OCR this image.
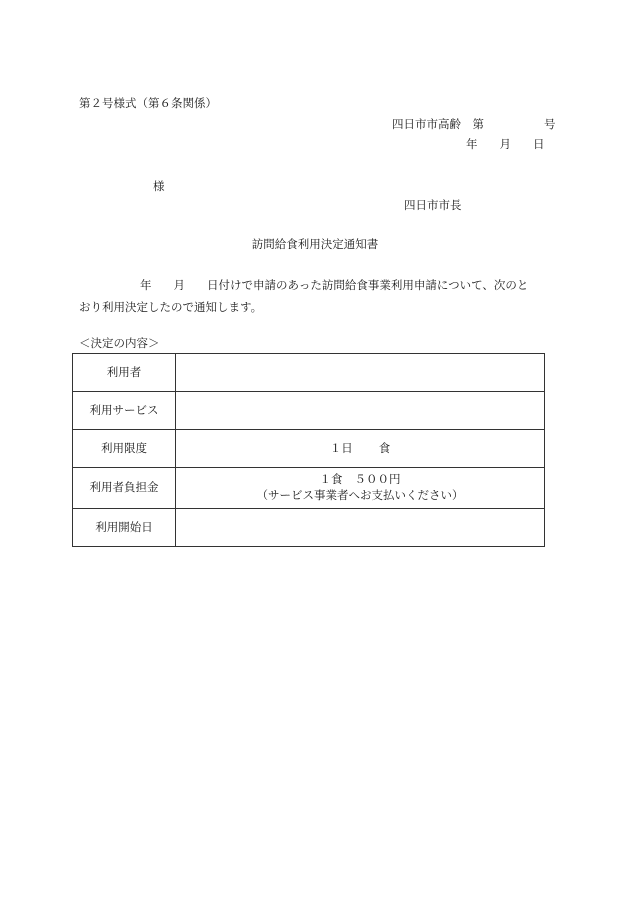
第２号様式（第６条関係）
四日市市高齢　 第	号
年 月 日
様
四日市市長
訪問給食利用決定通知書
年 月 日付けで申請のあった訪問給食事業利用申請について、次のと
おり利用決定したので通知します。
＜決定の内容＞
利用者	
利用サービス	
利用限度	１日 食
利用者負担金	１食 ５００円
（サービス事業者へお支払いください）

利用開始日	
